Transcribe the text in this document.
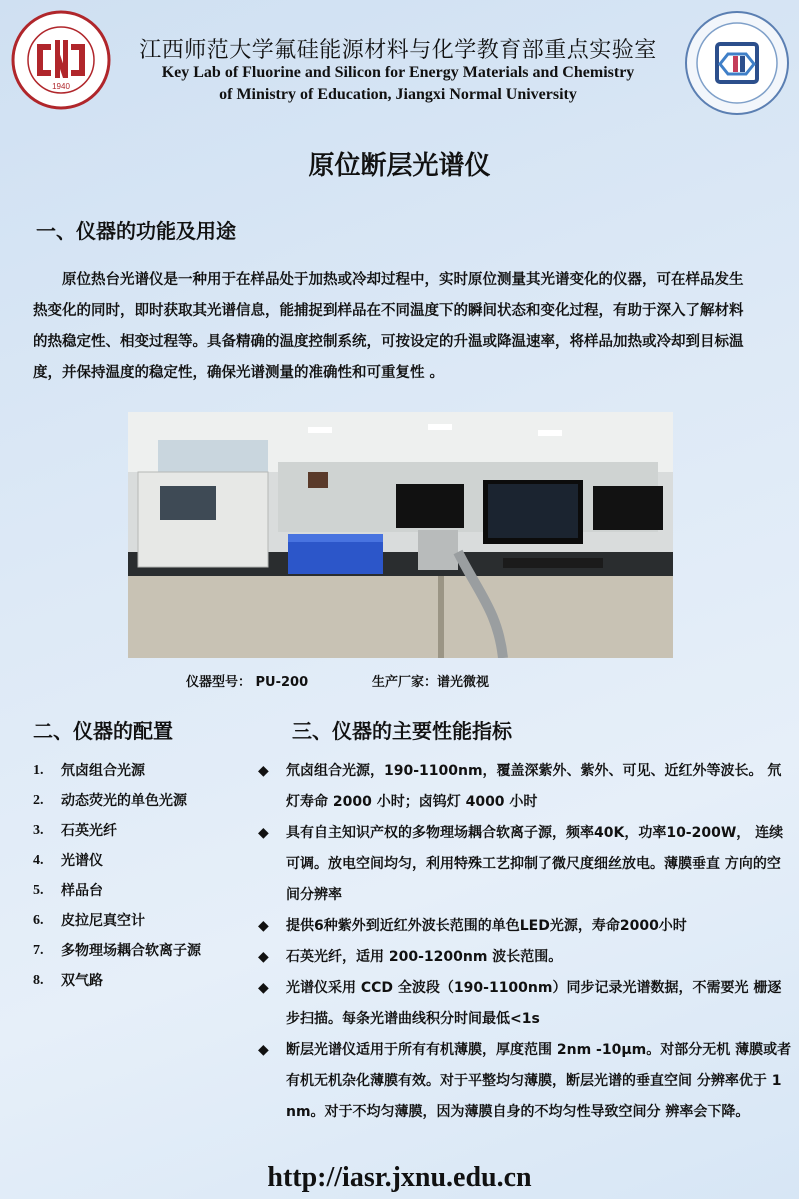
1940
江西师范大学氟硅能源材料与化学教育部重点实验室
Key Lab of Fluorine and Silicon for Energy Materials and Chemistry
of Ministry of Education, Jiangxi Normal University
原位断层光谱仪
一、仪器的功能及用途
原位热台光谱仪是一种用于在样品处于加热或冷却过程中，实时原位测量其光谱变化的仪器，可在样品发生热变化的同时，即时获取其光谱信息，能捕捉到样品在不同温度下的瞬间状态和变化过程，有助于深入了解材料的热稳定性、相变过程等。具备精确的温度控制系统，可按设定的升温或降温速率，将样品加热或冷却到目标温度，并保持温度的稳定性，确保光谱测量的准确性和可重复性 。
仪器型号： PU-200	生产厂家：谱光微视
二、仪器的配置	三、仪器的主要性能指标
1.	氘卤组合光源
2.	动态荧光的单色光源
3.	石英光纤
4.	光谱仪
5.	样品台
6.	皮拉尼真空计
7.	多物理场耦合软离子源
8.	双气路
◆	氘卤组合光源，190-1100nm，覆盖深紫外、紫外、可见、近红外等波长。 氘灯寿命 2000 小时；卤钨灯 4000 小时
◆	具有自主知识产权的多物理场耦合软离子源，频率40K，功率10-200W， 连续可调。放电空间均匀，利用特殊工艺抑制了微尺度细丝放电。薄膜垂直 方向的空间分辨率
◆	提供6种紫外到近红外波长范围的单色LED光源，寿命2000小时
◆	石英光纤，适用 200-1200nm 波长范围。
◆	光谱仪采用 CCD 全波段（190-1100nm）同步记录光谱数据，不需要光 栅逐步扫描。每条光谱曲线积分时间最低<1s
◆	断层光谱仪适用于所有有机薄膜，厚度范围 2nm -10μm。对部分无机 薄膜或者有机无机杂化薄膜有效。对于平整均匀薄膜，断层光谱的垂直空间 分辨率优于 1 nm。对于不均匀薄膜，因为薄膜自身的不均匀性导致空间分 辨率会下降。
http://iasr.jxnu.edu.cn
